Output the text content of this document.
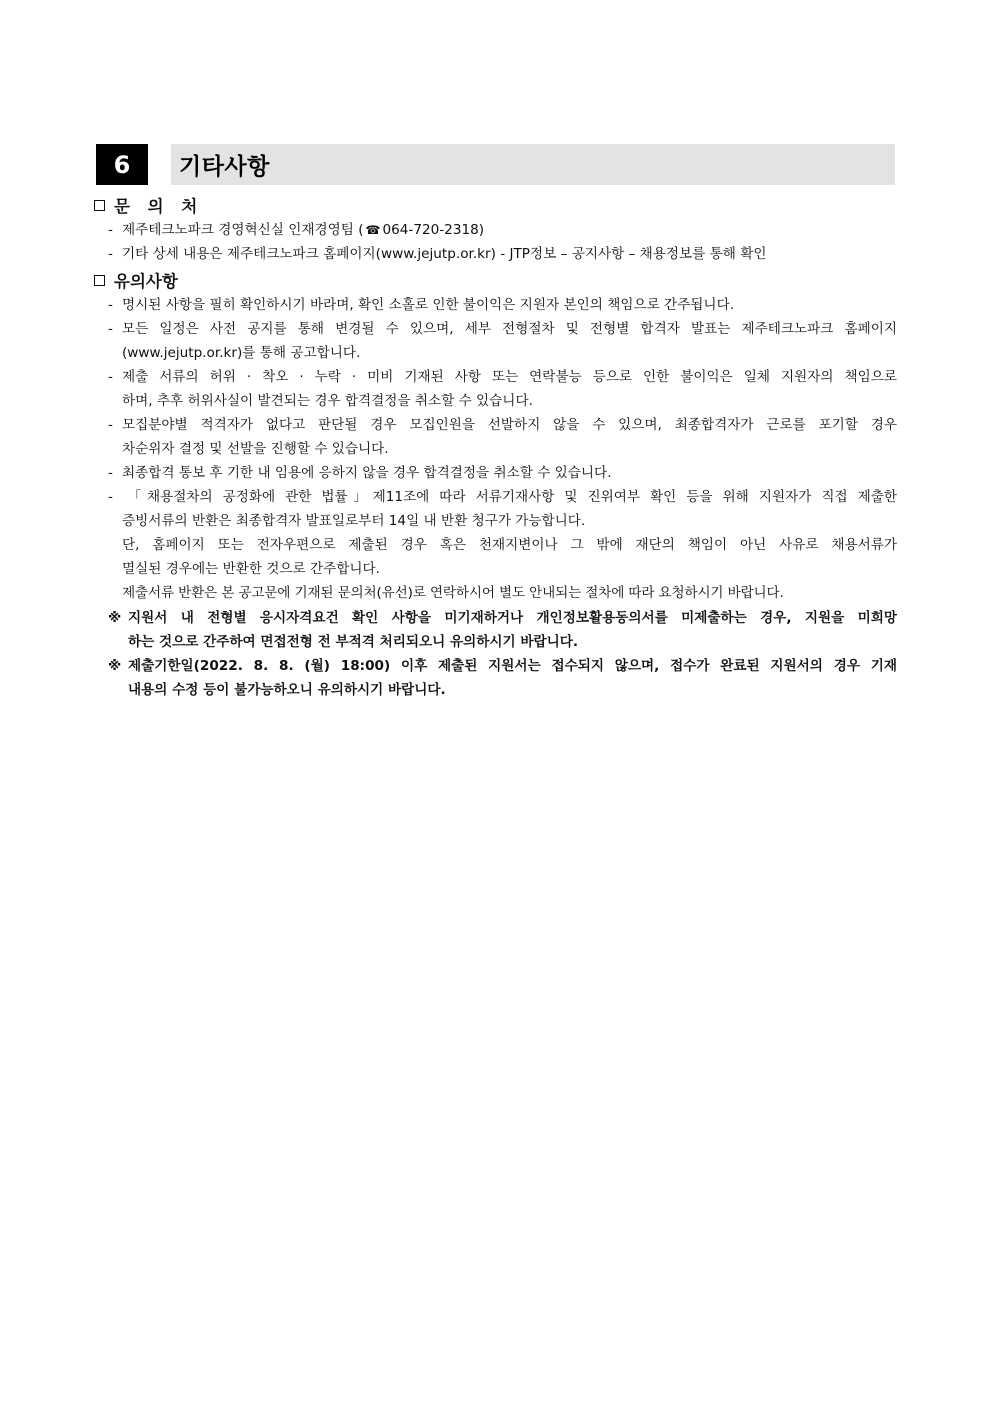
6	기타사항
문 의 처
- 제주테크노파크 경영혁신실 인재경영팀 ( ☎ 064-720-2318)
- 기타 상세 내용은 제주테크노파크 홈페이지(www.jejutp.or.kr) - JTP정보 – 공지사항 – 채용정보를 통해 확인
유의사항
- 명시된 사항을 필히 확인하시기 바라며, 확인 소홀로 인한 불이익은 지원자 본인의 책임으로 간주됩니다.
- 모든 일정은 사전 공지를 통해 변경될 수 있으며, 세부 전형절차 및 전형별 합격자 발표는 제주테크노파크 홈페이지
(www.jejutp.or.kr)를 통해 공고합니다.
- 제출 서류의 허위 · 착오 · 누락 · 미비 기재된 사항 또는 연락불능 등으로 인한 불이익은 일체 지원자의 책임으로
하며, 추후 허위사실이 발견되는 경우 합격결정을 취소할 수 있습니다.
- 모집분야별 적격자가 없다고 판단될 경우 모집인원을 선발하지 않을 수 있으며, 최종합격자가 근로를 포기할 경우
차순위자 결정 및 선발을 진행할 수 있습니다.
- 최종합격 통보 후 기한 내 임용에 응하지 않을 경우 합격결정을 취소할 수 있습니다.
- 「채용절차의 공정화에 관한 법률」제11조에 따라 서류기재사항 및 진위여부 확인 등을 위해 지원자가 직접 제출한
증빙서류의 반환은 최종합격자 발표일로부터 14일 내 반환 청구가 가능합니다.
단, 홈페이지 또는 전자우편으로 제출된 경우 혹은 천재지변이나 그 밖에 재단의 책임이 아닌 사유로 채용서류가
멸실된 경우에는 반환한 것으로 간주합니다.
제출서류 반환은 본 공고문에 기재된 문의처(유선)로 연락하시어 별도 안내되는 절차에 따라 요청하시기 바랍니다.
※ 지원서 내 전형별 응시자격요건 확인 사항을 미기재하거나 개인정보활용동의서를 미제출하는 경우, 지원을 미희망
하는 것으로 간주하여 면접전형 전 부적격 처리되오니 유의하시기 바랍니다.
※ 제출기한일(2022. 8. 8. (월) 18:00) 이후 제출된 지원서는 접수되지 않으며, 접수가 완료된 지원서의 경우 기재
내용의 수정 등이 불가능하오니 유의하시기 바랍니다.
